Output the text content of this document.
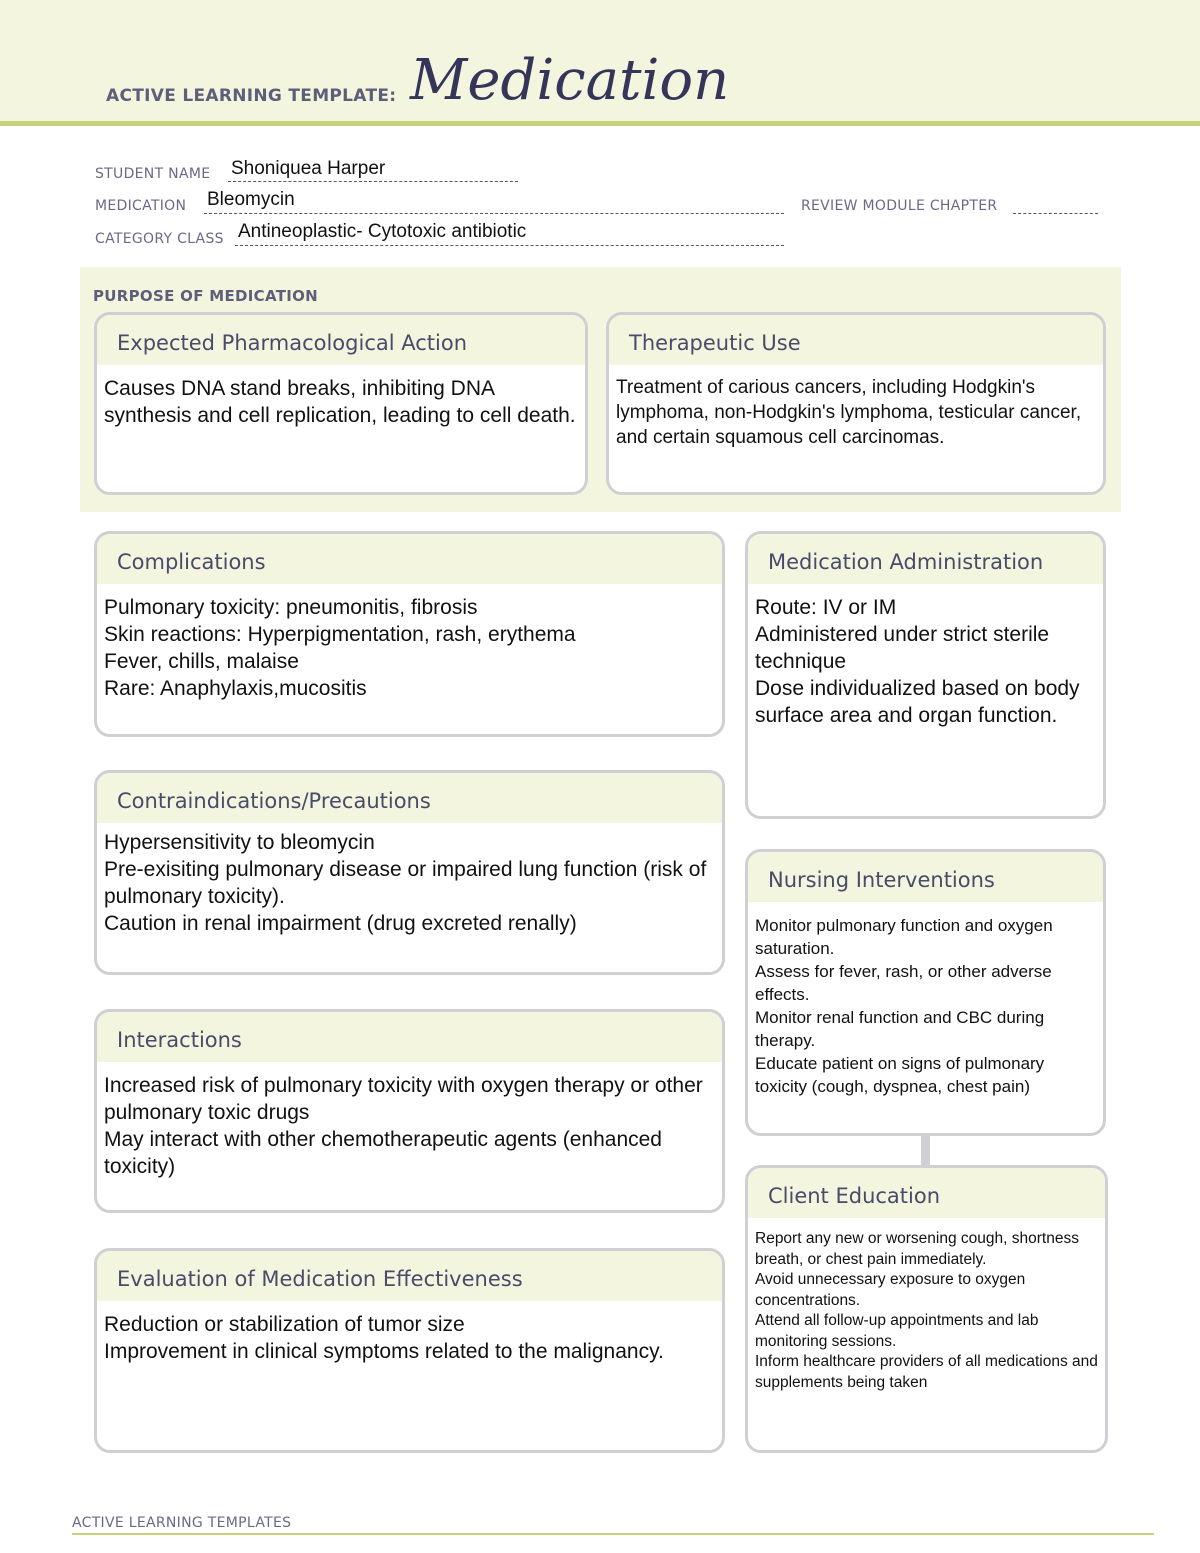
ACTIVE LEARNING TEMPLATE: Medication
STUDENT NAME Shoniquea Harper
MEDICATION Bleomycin	REVIEW MODULE CHAPTER
CATEGORY CLASS Antineoplastic- Cytotoxic antibiotic
PURPOSE OF MEDICATION
Expected Pharmacological Action
Causes DNA stand breaks, inhibiting DNA synthesis and cell replication, leading to cell death.
Therapeutic Use
Treatment of carious cancers, including Hodgkin's lymphoma, non-Hodgkin's lymphoma, testicular cancer, and certain squamous cell carcinomas.
Complications
Pulmonary toxicity: pneumonitis, fibrosis
Skin reactions: Hyperpigmentation, rash, erythema
Fever, chills, malaise
Rare: Anaphylaxis,mucositis
Medication Administration
Route: IV or IM
Administered under strict sterile technique
Dose individualized based on body surface area and organ function.
Contraindications/Precautions
Hypersensitivity to bleomycin
Pre-exisiting pulmonary disease or impaired lung function (risk of pulmonary toxicity).
Caution in renal impairment (drug excreted renally)
Nursing Interventions
Monitor pulmonary function and oxygen saturation.
Assess for fever, rash, or other adverse effects.
Monitor renal function and CBC during therapy.
Educate patient on signs of pulmonary toxicity (cough, dyspnea, chest pain)
Interactions
Increased risk of pulmonary toxicity with oxygen therapy or other pulmonary toxic drugs
May interact with other chemotherapeutic agents (enhanced toxicity)
Client Education
Report any new or worsening cough, shortness breath, or chest pain immediately.
Avoid unnecessary exposure to oxygen concentrations.
Attend all follow-up appointments and lab monitoring sessions.
Inform healthcare providers of all medications and supplements being taken
Evaluation of Medication Effectiveness
Reduction or stabilization of tumor size
Improvement in clinical symptoms related to the malignancy.
ACTIVE LEARNING TEMPLATES
